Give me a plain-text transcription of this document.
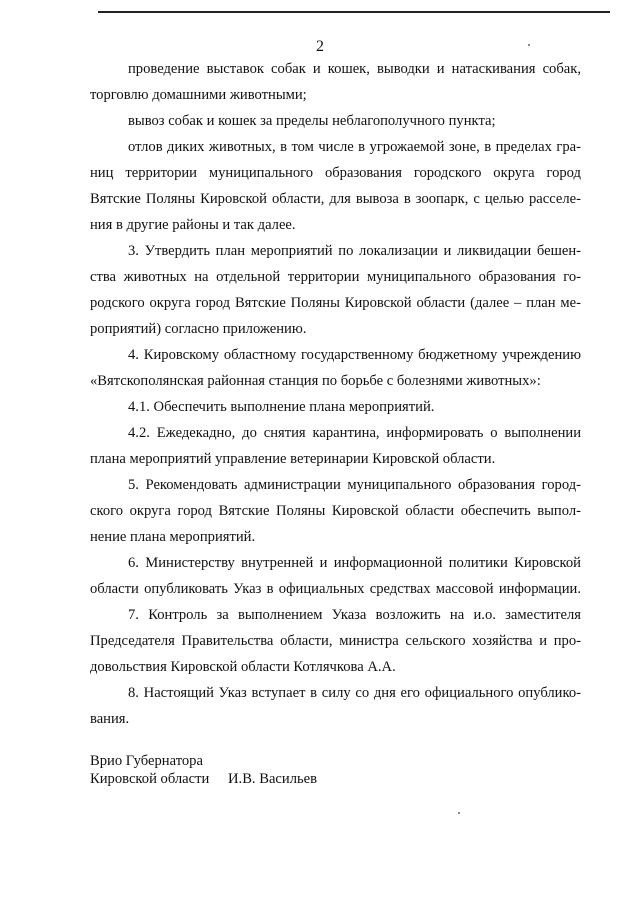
2
проведение выставок собак и кошек, выводки и натаскивания собак,
торговлю домашними животными;
вывоз собак и кошек за пределы неблагополучного пункта;
отлов диких животных, в том числе в угрожаемой зоне, в пределах гра-
ниц территории муниципального образования городского округа город
Вятские Поляны Кировской области, для вывоза в зоопарк, с целью расселе-
ния в другие районы и так далее.
3. Утвердить план мероприятий по локализации и ликвидации бешен-
ства животных на отдельной территории муниципального образования го-
родского округа город Вятские Поляны Кировской области (далее – план ме-
роприятий) согласно приложению.
4. Кировскому областному государственному бюджетному учреждению
«Вятскополянская районная станция по борьбе с болезнями животных»:
4.1. Обеспечить выполнение плана мероприятий.
4.2. Ежедекадно, до снятия карантина, информировать о выполнении
плана мероприятий управление ветеринарии Кировской области.
5. Рекомендовать администрации муниципального образования город-
ского округа город Вятские Поляны Кировской области обеспечить выпол-
нение плана мероприятий.
6. Министерству внутренней и информационной политики Кировской
области опубликовать Указ в официальных средствах массовой информации.
7. Контроль за выполнением Указа возложить на и.о. заместителя
Председателя Правительства области, министра сельского хозяйства и про-
довольствия Кировской области Котлячкова А.А.
8. Настоящий Указ вступает в силу со дня его официального опублико-
вания.
Врио Губернатора
Кировской области И.В. Васильев
